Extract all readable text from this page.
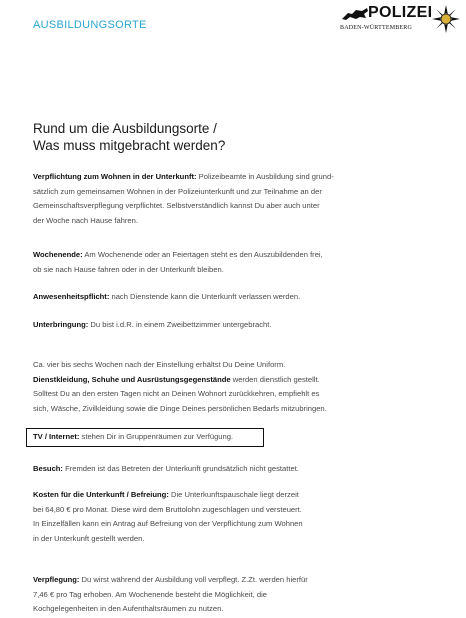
AUSBILDUNGSORTE
POLIZEI
BADEN-WÜRTTEMBERG
Rund um die Ausbildungsorte /
Was muss mitgebracht werden?

Verpflichtung zum Wohnen in der Unterkunft: Polizeibeamte in Ausbildung sind grund-
sätzlich zum gemeinsamen Wohnen in der Polizeiunterkunft und zur Teilnahme an der
Gemeinschaftsverpflegung verpflichtet. Selbstverständlich kannst Du aber auch unter
der Woche nach Hause fahren.

Wochenende: Am Wochenende oder an Feiertagen steht es den Auszubildenden frei,
ob sie nach Hause fahren oder in der Unterkunft bleiben.

Anwesenheitspflicht: nach Dienstende kann die Unterkunft verlassen werden.

Unterbringung: Du bist i.d.R. in einem Zweibettzimmer untergebracht.

Ca. vier bis sechs Wochen nach der Einstellung erhältst Du Deine Uniform.
Dienstkleidung, Schuhe und Ausrüstungsgegenstände werden dienstlich gestellt.
Solltest Du an den ersten Tagen nicht an Deinen Wohnort zurückkehren, empfiehlt es
sich, Wäsche, Zivilkleidung sowie die Dinge Deines persönlichen Bedarfs mitzubringen.

TV / Internet: stehen Dir in Gruppenräumen zur Verfügung.

Besuch: Fremden ist das Betreten der Unterkunft grundsätzlich nicht gestattet.

Kosten für die Unterkunft / Befreiung: Die Unterkunftspauschale liegt derzeit
bei 64,80 € pro Monat. Diese wird dem Bruttolohn zugeschlagen und versteuert.
In Einzelfällen kann ein Antrag auf Befreiung von der Verpflichtung zum Wohnen
in der Unterkunft gestellt werden.

Verpflegung: Du wirst während der Ausbildung voll verpflegt. Z.Zt. werden hierfür
7,46 € pro Tag erhoben. Am Wochenende besteht die Möglichkeit, die
Kochgelegenheiten in den Aufenthaltsräumen zu nutzen.
